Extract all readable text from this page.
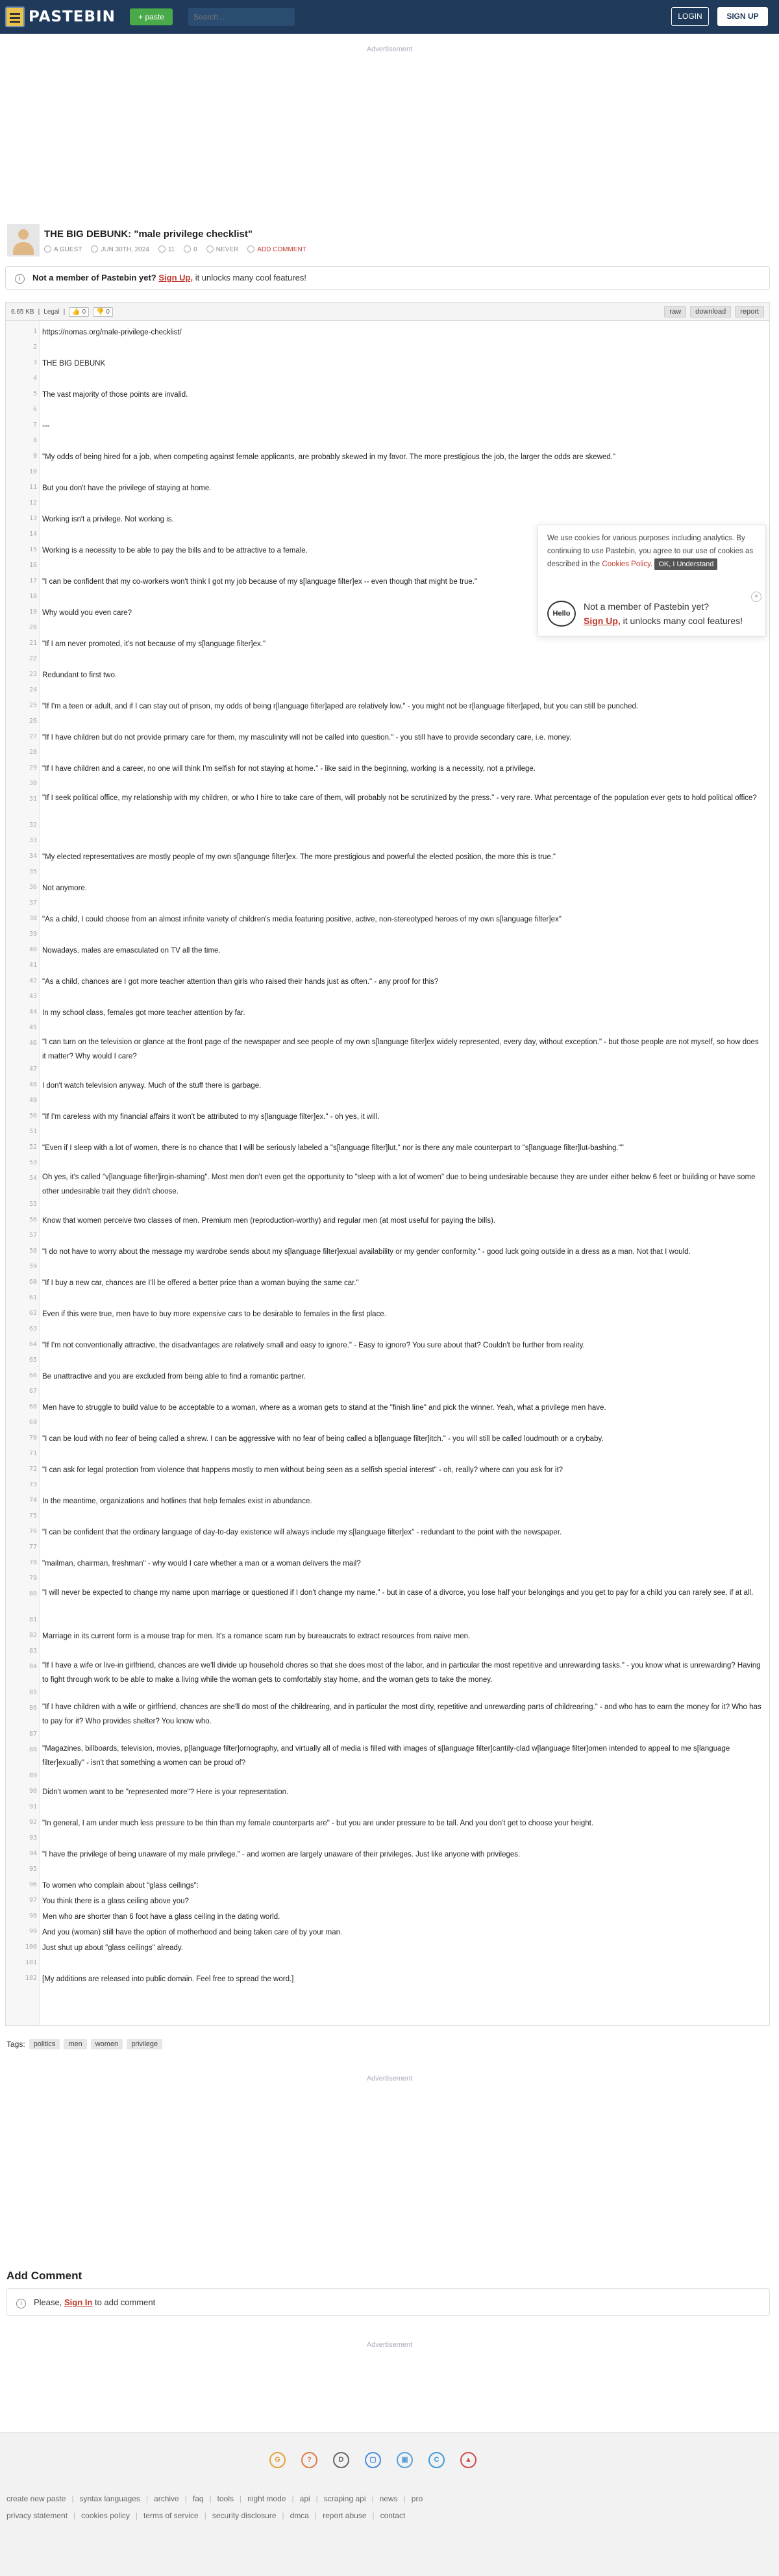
PASTEBIN	+ paste
Search...	LOGIN	SIGN UP
Advertisement
THE BIG DEBUNK: "male privilege checklist"
A GUEST	JUN 30TH, 2024	11	0	NEVER	ADD COMMENT
i Not a member of Pastebin yet? Sign Up, it unlocks many cool features!
6.65 KB | Legal |	👍 0	👎 0	raw	download	report
1 https://nomas.org/male-privilege-checklist/
2
3 THE BIG DEBUNK
4
5 The vast majority of those points are invalid.
6
7 ---
8
9 "My odds of being hired for a job, when competing against female applicants, are probably skewed in my favor. The more prestigious the job, the larger the odds are skewed."
10
11 But you don't have the privilege of staying at home.
12
13 Working isn't a privilege. Not working is.
14
15 Working is a necessity to be able to pay the bills and to be attractive to a female.
16
17 "I can be confident that my co-workers won't think I got my job because of my s[language filter]ex -- even though that might be true."
18
19 Why would you even care?
20
21 "If I am never promoted, it's not because of my s[language filter]ex."
22
23 Redundant to first two.
24
25 "If I'm a teen or adult, and if I can stay out of prison, my odds of being r[language filter]aped are relatively low." - you might not be r[language filter]aped, but you can still be punched.
26
27 "If I have children but do not provide primary care for them, my masculinity will not be called into question." - you still have to provide secondary care, i.e. money.
28
29 "If I have children and a career, no one will think I'm selfish for not staying at home." - like said in the beginning, working is a necessity, not a privilege.
30
31 "If I seek political office, my relationship with my children, or who I hire to take care of them, will probably not be scrutinized by the press." - very rare. What percentage of the population ever gets to hold political office?
32
33
34 "My elected representatives are mostly people of my own s[language filter]ex. The more prestigious and powerful the elected position, the more this is true."
35
36 Not anymore.
37
38 "As a child, I could choose from an almost infinite variety of children's media featuring positive, active, non-stereotyped heroes of my own s[language filter]ex"
39
40 Nowadays, males are emasculated on TV all the time.
41
42 "As a child, chances are I got more teacher attention than girls who raised their hands just as often." - any proof for this?
43
44 In my school class, females got more teacher attention by far.
45
46 "I can turn on the television or glance at the front page of the newspaper and see people of my own s[language filter]ex widely represented, every day, without exception." - but those people are not myself, so how does it matter? Why would I care?
47
48 I don't watch television anyway. Much of the stuff there is garbage.
49
50 "If I'm careless with my financial affairs it won't be attributed to my s[language filter]ex." - oh yes, it will.
51
52 "Even if I sleep with a lot of women, there is no chance that I will be seriously labeled a "s[language filter]lut," nor is there any male counterpart to "s[language filter]lut-bashing.""
53
54 Oh yes, it's called "v[language filter]irgin-shaming". Most men don't even get the opportunity to "sleep with a lot of women" due to being undesirable because they are under either below 6 feet or building or have some other undesirable trait they didn't choose.
55
56 Know that women perceive two classes of men. Premium men (reproduction-worthy) and regular men (at most useful for paying the bills).
57
58 "I do not have to worry about the message my wardrobe sends about my s[language filter]exual availability or my gender conformity." - good luck going outside in a dress as a man. Not that I would.
59
60 "If I buy a new car, chances are I'll be offered a better price than a woman buying the same car."
61
62 Even if this were true, men have to buy more expensive cars to be desirable to females in the first place.
63
64 "If I'm not conventionally attractive, the disadvantages are relatively small and easy to ignore." - Easy to ignore? You sure about that? Couldn't be further from reality.
65
66 Be unattractive and you are excluded from being able to find a romantic partner.
67
68 Men have to struggle to build value to be acceptable to a woman, where as a woman gets to stand at the "finish line" and pick the winner. Yeah, what a privilege men have.
69
70 "I can be loud with no fear of being called a shrew. I can be aggressive with no fear of being called a b[language filter]itch." - you will still be called loudmouth or a crybaby.
71
72 "I can ask for legal protection from violence that happens mostly to men without being seen as a selfish special interest" - oh, really? where can you ask for it?
73
74 In the meantime, organizations and hotlines that help females exist in abundance.
75
76 "I can be confident that the ordinary language of day-to-day existence will always include my s[language filter]ex" - redundant to the point with the newspaper.
77
78 "mailman, chairman, freshman" - why would I care whether a man or a woman delivers the mail?
79
80 "I will never be expected to change my name upon marriage or questioned if I don't change my name." - but in case of a divorce, you lose half your belongings and you get to pay for a child you can rarely see, if at all.
81
82 Marriage in its current form is a mouse trap for men. It's a romance scam run by bureaucrats to extract resources from naive men.
83
84 "If I have a wife or live-in girlfriend, chances are we'll divide up household chores so that she does most of the labor, and in particular the most repetitive and unrewarding tasks." - you know what is unrewarding? Having to fight through work to be able to make a living while the woman gets to comfortably stay home, and the woman gets to take the money.
85
86 "If I have children with a wife or girlfriend, chances are she'll do most of the childrearing, and in particular the most dirty, repetitive and unrewarding parts of childrearing." - and who has to earn the money for it? Who has to pay for it? Who provides shelter? You know who.
87
88 "Magazines, billboards, television, movies, p[language filter]ornography, and virtually all of media is filled with images of s[language filter]cantily-clad w[language filter]omen intended to appeal to me s[language filter]exually" - isn't that something a women can be proud of?
89
90 Didn't women want to be "represented more"? Here is your representation.
91
92 "In general, I am under much less pressure to be thin than my female counterparts are" - but you are under pressure to be tall. And you don't get to choose your height.
93
94 "I have the privilege of being unaware of my male privilege." - and women are largely unaware of their privileges. Just like anyone with privileges.
95
96 To women who complain about "glass ceilings":
97 You think there is a glass ceiling above you?
98 Men who are shorter than 6 foot have a glass ceiling in the dating world.
99 And you (woman) still have the option of motherhood and being taken care of by your man.
100 Just shut up about "glass ceilings" already.
101
102 [My additions are released into public domain. Feel free to spread the word.]
Advertisement
Tags:	politics	men	women	privilege
Add Comment
i Please, Sign In to add comment
Advertisement
G	?	D	▢	▣	C	▲
create new paste | syntax languages | archive | faq | tools | night mode | api | scraping api | news | pro
privacy statement | cookies policy | terms of service | security disclosure | dmca | report abuse | contact
We use cookies for various purposes including analytics. By continuing to use Pastebin, you agree to our use of cookies as described in the Cookies Policy. OK, I Understand
×
Hello
Not a member of Pastebin yet?
Sign Up, it unlocks many cool features!
